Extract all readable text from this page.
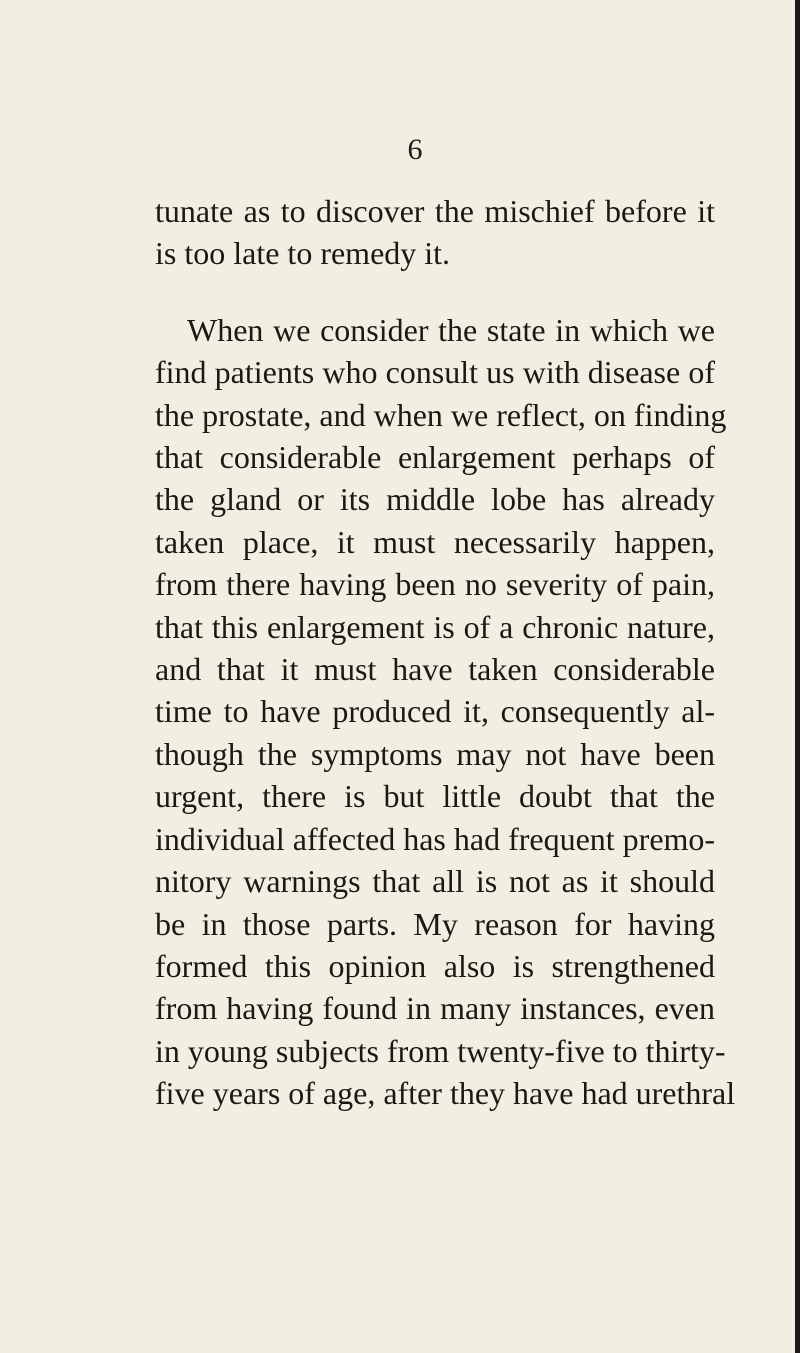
6

tunate as to discover the mischief before it
is too late to remedy it.

When we consider the state in which we
find patients who consult us with disease of
the prostate, and when we reflect, on finding
that considerable enlargement perhaps of
the gland or its middle lobe has already
taken place, it must necessarily happen,
from there having been no severity of pain,
that this enlargement is of a chronic nature,
and that it must have taken considerable
time to have produced it, consequently al-
though the symptoms may not have been
urgent, there is but little doubt that the
individual affected has had frequent premo-
nitory warnings that all is not as it should
be in those parts. My reason for having
formed this opinion also is strengthened
from having found in many instances, even
in young subjects from twenty-five to thirty-
five years of age, after they have had urethral
